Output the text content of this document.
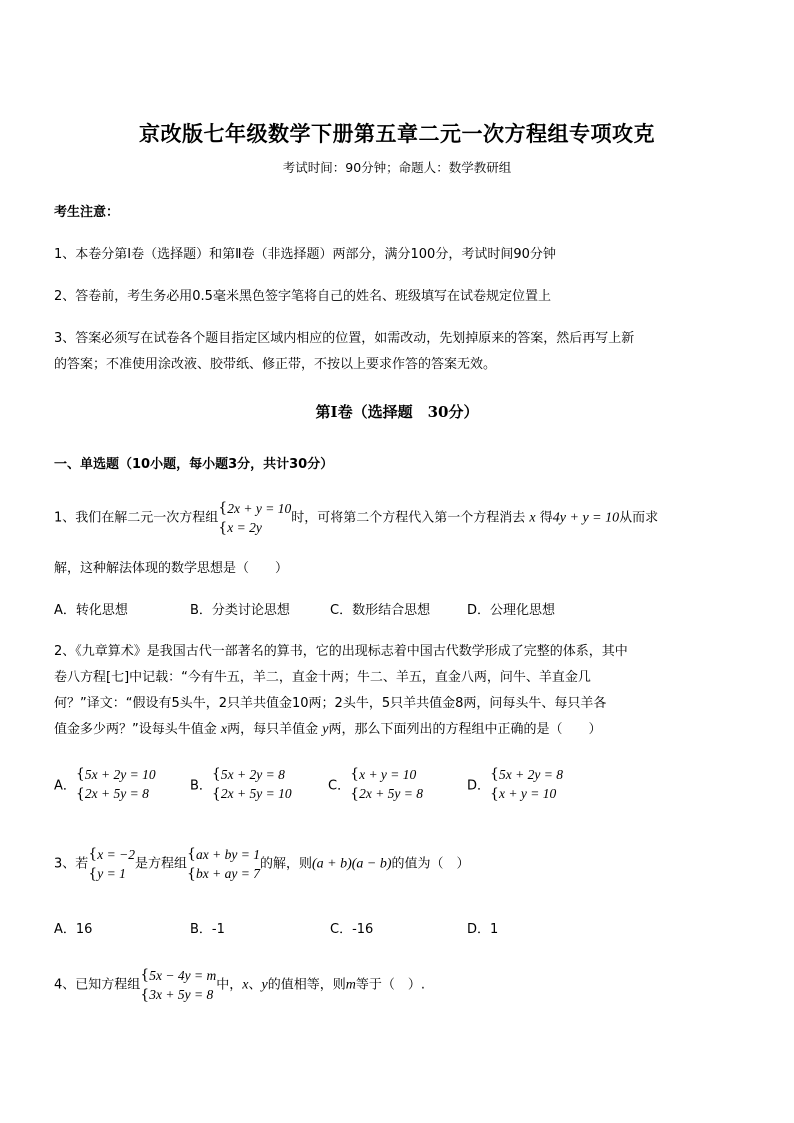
京改版七年级数学下册第五章二元一次方程组专项攻克
考试时间：90分钟；命题人：数学教研组
考生注意：
1、本卷分第Ⅰ卷（选择题）和第Ⅱ卷（非选择题）两部分，满分100分，考试时间90分钟
2、答卷前，考生务必用0.5毫米黑色签字笔将自己的姓名、班级填写在试卷规定位置上
3、答案必须写在试卷各个题目指定区域内相应的位置，如需改动，先划掉原来的答案，然后再写上新
的答案；不准使用涂改液、胶带纸、修正带，不按以上要求作答的答案无效。
第Ⅰ卷（选择题　30分）
一、单选题（10小题，每小题3分，共计30分）
1、我们在解二元一次方程组
{
{
2x + y = 10
x = 2y
时，可将第二个方程代入第一个方程消去 x 得4y + y = 10从而求
解，这种解法体现的数学思想是（　　）
A．转化思想	B．分类讨论思想	C．数形结合思想	D．公理化思想
2、《九章算术》是我国古代一部著名的算书，它的出现标志着中国古代数学形成了完整的体系，其中
卷八方程[七]中记载：“今有牛五，羊二，直金十两；牛二、羊五，直金八两，问牛、羊直金几
何？”译文：“假设有5头牛，2只羊共值金10两；2头牛，5只羊共值金8两，问每头牛、每只羊各
值金多少两？”设每头牛值金 x两，每只羊值金 y两，那么下面列出的方程组中正确的是（　　）
A．
{
{
5x + 2y = 10
2x + 5y = 8	B．
{
{
5x + 2y = 8
2x + 5y = 10	C．
{
{
x + y = 10
2x + 5y = 8	D．
{
{
5x + 2y = 8
x + y = 10
3、若
{
{
x = −2
y = 1
是方程组
{
{
ax + by = 1
bx + ay = 7
的解，则(a + b)(a − b)的值为（　）
A．16	B．-1	C．-16	D．1
4、已知方程组
{
{
5x − 4y = m
3x + 5y = 8
中，x、y的值相等，则m等于（　）.
